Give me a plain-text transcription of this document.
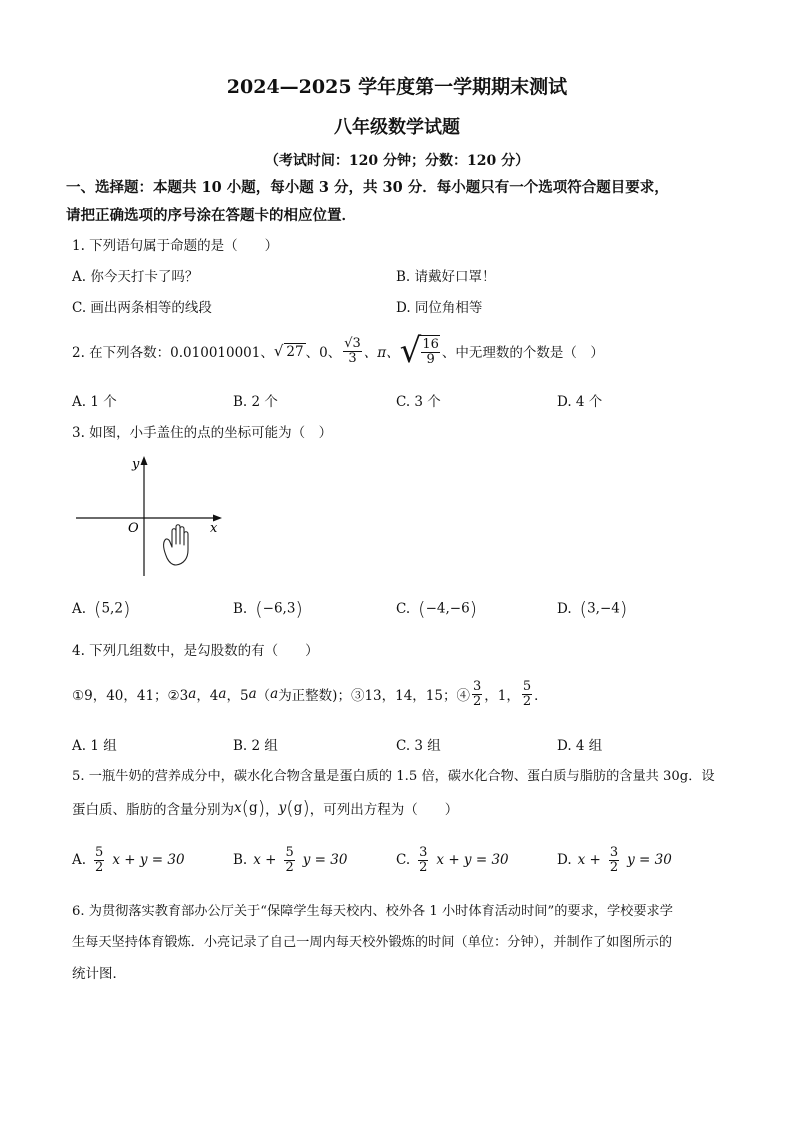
2024—2025 学年度第一学期期末测试
八年级数学试题
（考试时间：120 分钟；分数：120 分）
一、选择题：本题共 10 小题，每小题 3 分，共 30 分．每小题只有一个选项符合题目要求，
请把正确选项的序号涂在答题卡的相应位置．
1. 下列语句属于命题的是（　　）
A. 你今天打卡了吗？	B. 请戴好口罩！
C. 画出两条相等的线段	D. 同位角相等
2. 在下列各数：0.010010001、 √ 27 、0、 $\frac{√3}{3}$ 、π、 √ $\frac{16}{9}$ 、中无理数的个数是（　）
A. 1 个	B. 2 个	C. 3 个	D. 4 个
3. 如图，小手盖住的点的坐标可能为（　）
y
x
O
A. (5,2)	B. (−6,3)	C. (−4,−6)	D. (3,−4)
4. 下列几组数中，是勾股数的有（　　）
①9，40，41；②3 a ，4 a ，5 a （ a 为正整数)；③13，14，15；④ $\frac{3}{2}$ ，1， $\frac{5}{2}$ ．
A. 1 组	B. 2 组	C. 3 组	D. 4 组
5. 一瓶牛奶的营养成分中，碳水化合物含量是蛋白质的 1.5 倍，碳水化合物、蛋白质与脂肪的含量共 30g．设
蛋白质、脂肪的含量分别为 x ( g ) ， y ( g ) ，可列出方程为（　　）
A. $\frac{5}{2}$ x + y = 30	B. $x + \frac{5}{2}$ y = 30	C. $\frac{3}{2}$ x + y = 30	D. $x + \frac{3}{2}$ y = 30
6. 为贯彻落实教育部办公厅关于“保障学生每天校内、校外各 1 小时体育活动时间”的要求，学校要求学
生每天坚持体育锻炼．小亮记录了自己一周内每天校外锻炼的时间（单位：分钟），并制作了如图所示的
统计图．
